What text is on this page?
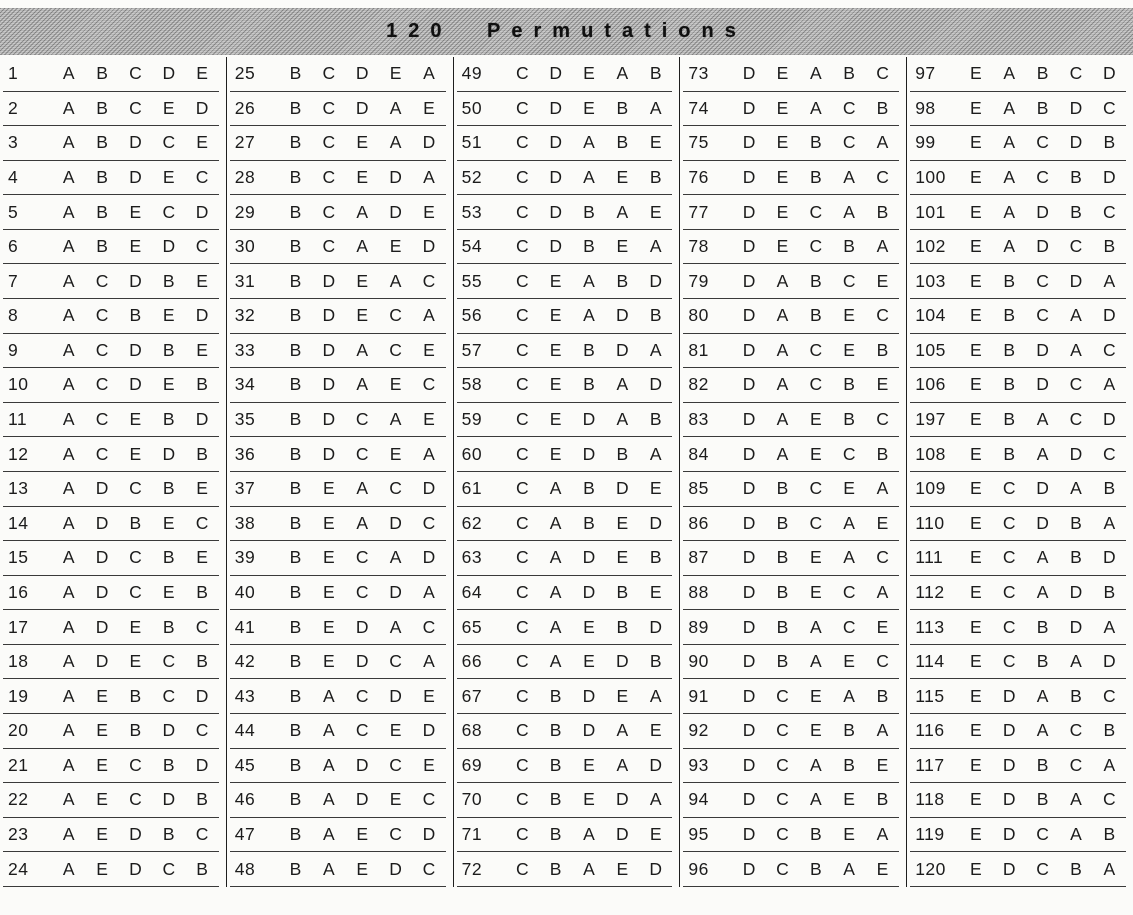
120 Permutations
1	A	B	C	D	E
2	A	B	C	E	D
3	A	B	D	C	E
4	A	B	D	E	C
5	A	B	E	C	D
6	A	B	E	D	C
7	A	C	D	B	E
8	A	C	B	E	D
9	A	C	D	B	E
10	A	C	D	E	B
11	A	C	E	B	D
12	A	C	E	D	B
13	A	D	C	B	E
14	A	D	B	E	C
15	A	D	C	B	E
16	A	D	C	E	B
17	A	D	E	B	C
18	A	D	E	C	B
19	A	E	B	C	D
20	A	E	B	D	C
21	A	E	C	B	D
22	A	E	C	D	B
23	A	E	D	B	C
24	A	E	D	C	B
25	B	C	D	E	A
26	B	C	D	A	E
27	B	C	E	A	D
28	B	C	E	D	A
29	B	C	A	D	E
30	B	C	A	E	D
31	B	D	E	A	C
32	B	D	E	C	A
33	B	D	A	C	E
34	B	D	A	E	C
35	B	D	C	A	E
36	B	D	C	E	A
37	B	E	A	C	D
38	B	E	A	D	C
39	B	E	C	A	D
40	B	E	C	D	A
41	B	E	D	A	C
42	B	E	D	C	A
43	B	A	C	D	E
44	B	A	C	E	D
45	B	A	D	C	E
46	B	A	D	E	C
47	B	A	E	C	D
48	B	A	E	D	C
49	C	D	E	A	B
50	C	D	E	B	A
51	C	D	A	B	E
52	C	D	A	E	B
53	C	D	B	A	E
54	C	D	B	E	A
55	C	E	A	B	D
56	C	E	A	D	B
57	C	E	B	D	A
58	C	E	B	A	D
59	C	E	D	A	B
60	C	E	D	B	A
61	C	A	B	D	E
62	C	A	B	E	D
63	C	A	D	E	B
64	C	A	D	B	E
65	C	A	E	B	D
66	C	A	E	D	B
67	C	B	D	E	A
68	C	B	D	A	E
69	C	B	E	A	D
70	C	B	E	D	A
71	C	B	A	D	E
72	C	B	A	E	D
73	D	E	A	B	C
74	D	E	A	C	B
75	D	E	B	C	A
76	D	E	B	A	C
77	D	E	C	A	B
78	D	E	C	B	A
79	D	A	B	C	E
80	D	A	B	E	C
81	D	A	C	E	B
82	D	A	C	B	E
83	D	A	E	B	C
84	D	A	E	C	B
85	D	B	C	E	A
86	D	B	C	A	E
87	D	B	E	A	C
88	D	B	E	C	A
89	D	B	A	C	E
90	D	B	A	E	C
91	D	C	E	A	B
92	D	C	E	B	A
93	D	C	A	B	E
94	D	C	A	E	B
95	D	C	B	E	A
96	D	C	B	A	E
97	E	A	B	C	D
98	E	A	B	D	C
99	E	A	C	D	B
100	E	A	C	B	D
101	E	A	D	B	C
102	E	A	D	C	B
103	E	B	C	D	A
104	E	B	C	A	D
105	E	B	D	A	C
106	E	B	D	C	A
197	E	B	A	C	D
108	E	B	A	D	C
109	E	C	D	A	B
110	E	C	D	B	A
111	E	C	A	B	D
112	E	C	A	D	B
113	E	C	B	D	A
114	E	C	B	A	D
115	E	D	A	B	C
116	E	D	A	C	B
117	E	D	B	C	A
118	E	D	B	A	C
119	E	D	C	A	B
120	E	D	C	B	A
